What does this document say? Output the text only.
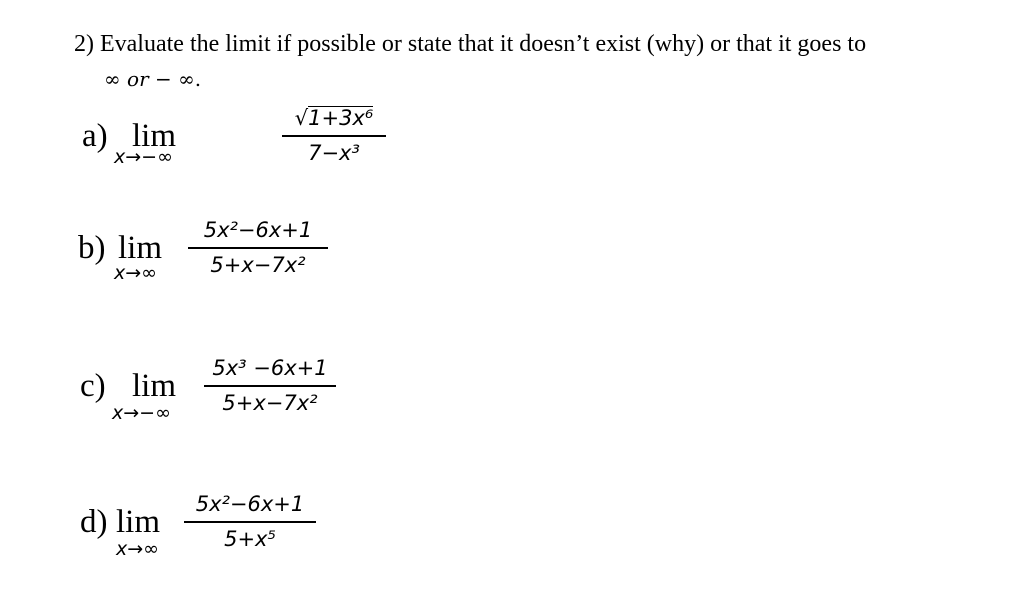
2) Evaluate the limit if possible or state that it doesn’t exist (why) or that it goes to
∞ or − ∞.
a) lim
x→−∞
√1+3x⁶
7−x³
b) lim
x→∞
5x²−6x+1
5+x−7x²
c) lim
x→−∞
5x³ −6x+1
5+x−7x²
d) lim
x→∞
5x²−6x+1
5+x⁵
